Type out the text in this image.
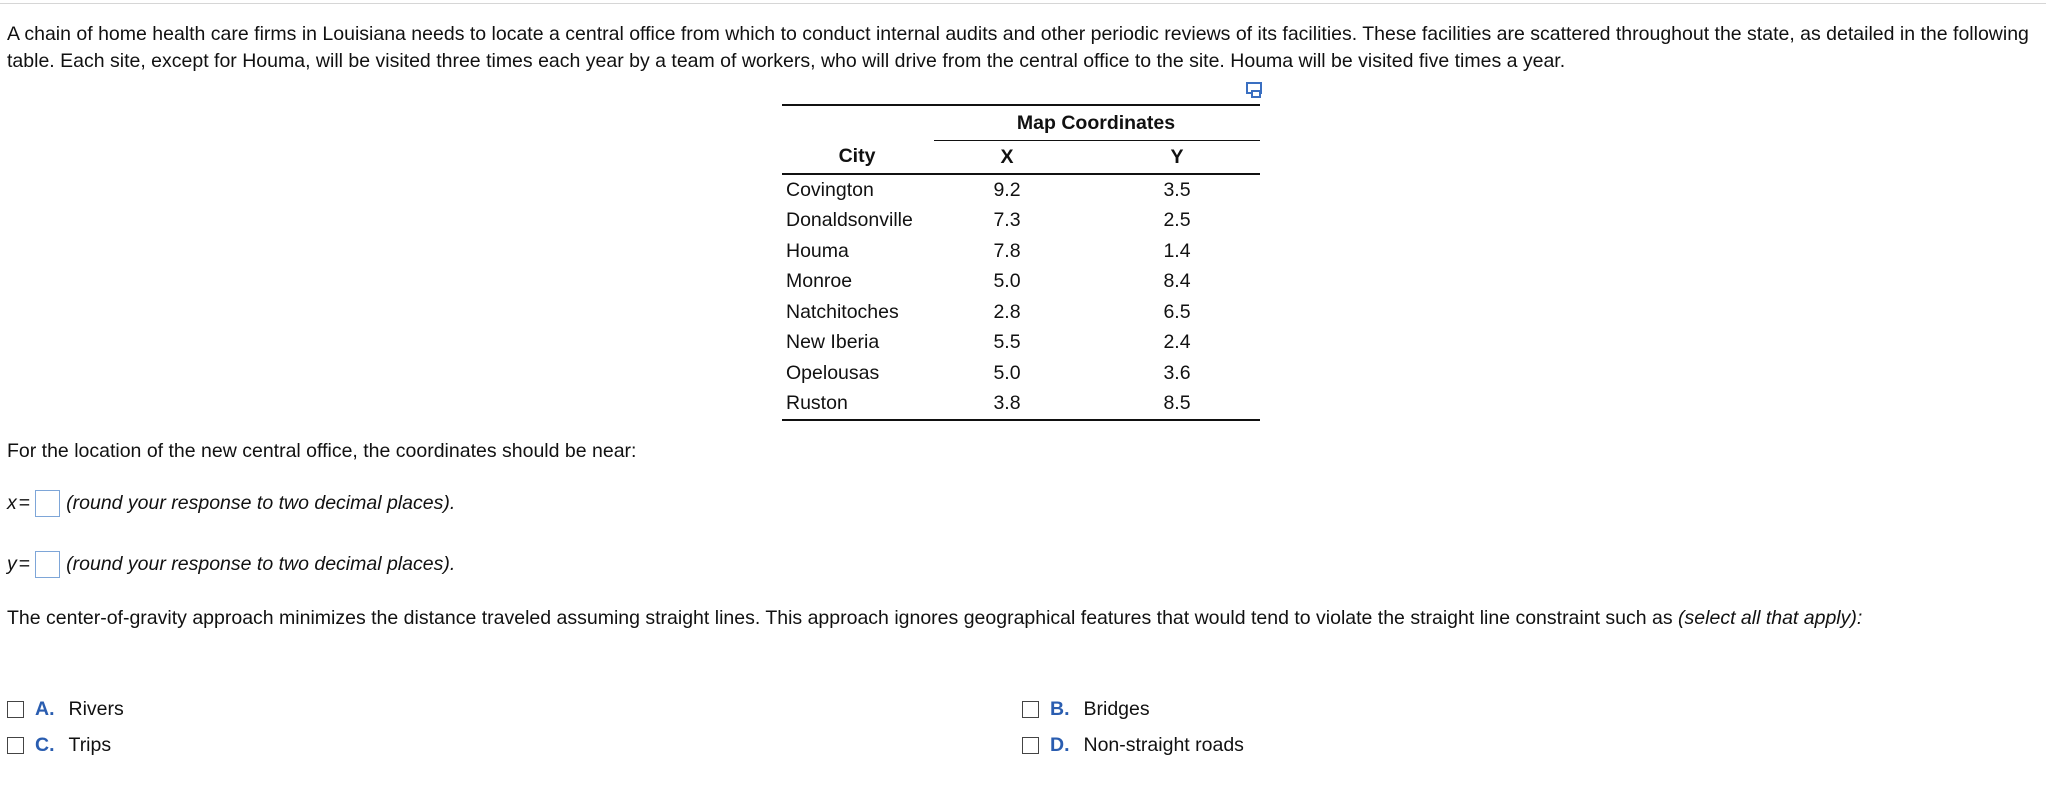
A chain of home health care firms in Louisiana needs to locate a central office from which to conduct internal audits and other periodic reviews of its facilities. These facilities are scattered throughout the state, as detailed in the following table. Each site, except for Houma, will be visited three times each year by a team of workers, who will drive from the central office to the site. Houma will be visited five times a year.

	Map Coordinates	
City	X	Y
Covington	9.2	3.5
Donaldsonville	7.3	2.5
Houma	7.8	1.4
Monroe	5.0	8.4
Natchitoches	2.8	6.5
New Iberia	5.5	2.4
Opelousas	5.0	3.6
Ruston	3.8	8.5

For the location of the new central office, the coordinates should be near:

x = (round your response to two decimal places).
y = (round your response to two decimal places).

The center-of-gravity approach minimizes the distance traveled assuming straight lines. This approach ignores geographical features that would tend to violate the straight line constraint such as (select all that apply):

A. Rivers	B. Bridges
C. Trips	D. Non-straight roads
